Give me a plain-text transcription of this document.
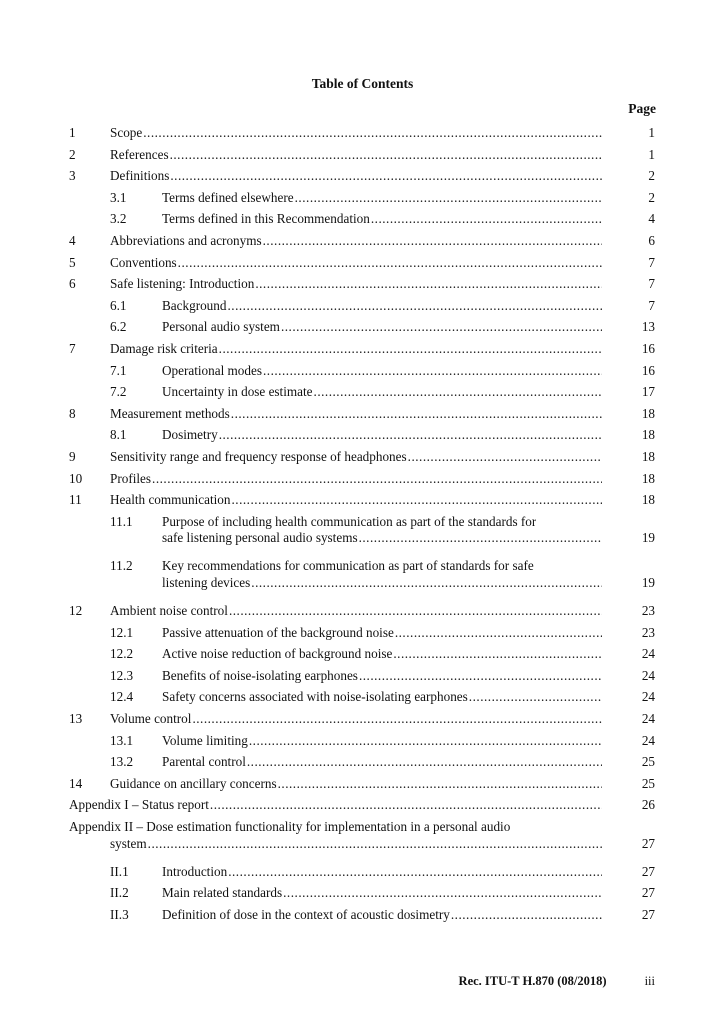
Table of Contents
Page
1	Scope .....	1
2	References .....	1
3	Definitions .....	2
3.1	Terms defined elsewhere .....	2
3.2	Terms defined in this Recommendation .....	4
4	Abbreviations and acronyms .....	6
5	Conventions .....	7
6	Safe listening: Introduction .....	7
6.1	Background .....	7
6.2	Personal audio system .....	13
7	Damage risk criteria .....	16
7.1	Operational modes .....	16
7.2	Uncertainty in dose estimate .....	17
8	Measurement methods .....	18
8.1	Dosimetry .....	18
9	Sensitivity range and frequency response of headphones .....	18
10 Profiles .....	18
11 Health communication .....	18
11.1 Purpose of including health communication as part of the standards for
safe listening personal audio systems .....	19
11.2 Key recommendations for communication as part of standards for safe
listening devices .....	19
12 Ambient noise control .....	23
12.1 Passive attenuation of the background noise .....	23
12.2 Active noise reduction of background noise .....	24
12.3 Benefits of noise-isolating earphones .....	24
12.4 Safety concerns associated with noise-isolating earphones .....	24
13 Volume control .....	24
13.1 Volume limiting .....	24
13.2 Parental control .....	25
14 Guidance on ancillary concerns .....	25
Appendix I – Status report .....	26
Appendix II – Dose estimation functionality for implementation in a personal audio
system .....	27
II.1	Introduction .....	27
II.2	Main related standards .....	27
II.3	Definition of dose in the context of acoustic dosimetry .....	27
Rec. ITU-T H.870 (08/2018)	iii
